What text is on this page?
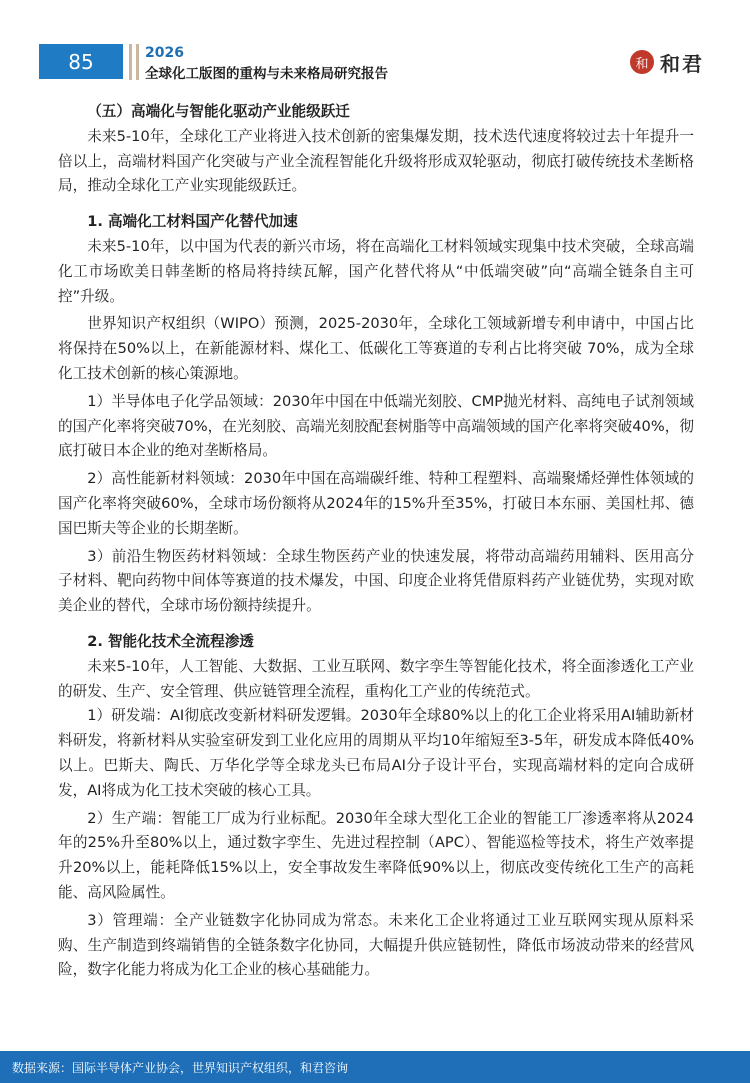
85	2026
全球化工版图的重构与未来格局研究报告
和 和君

（五）高端化与智能化驱动产业能级跃迁

未来5-10年，全球化工产业将进入技术创新的密集爆发期，技术迭代速度将较过去十年提升一倍以上，高端材料国产化突破与产业全流程智能化升级将形成双轮驱动，彻底打破传统技术垄断格局，推动全球化工产业实现能级跃迁。

1. 高端化工材料国产化替代加速

未来5-10年，以中国为代表的新兴市场，将在高端化工材料领域实现集中技术突破，全球高端化工市场欧美日韩垄断的格局将持续瓦解，国产化替代将从“中低端突破”向“高端全链条自主可控”升级。

世界知识产权组织（WIPO）预测，2025-2030年，全球化工领域新增专利申请中，中国占比将保持在50%以上，在新能源材料、煤化工、低碳化工等赛道的专利占比将突破 70%，成为全球化工技术创新的核心策源地。

1）半导体电子化学品领域：2030年中国在中低端光刻胶、CMP抛光材料、高纯电子试剂领域的国产化率将突破70%，在光刻胶、高端光刻胶配套树脂等中高端领域的国产化率将突破40%，彻底打破日本企业的绝对垄断格局。

2）高性能新材料领域：2030年中国在高端碳纤维、特种工程塑料、高端聚烯烃弹性体领域的国产化率将突破60%，全球市场份额将从2024年的15%升至35%，打破日本东丽、美国杜邦、德国巴斯夫等企业的长期垄断。

3）前沿生物医药材料领域：全球生物医药产业的快速发展，将带动高端药用辅料、医用高分子材料、靶向药物中间体等赛道的技术爆发，中国、印度企业将凭借原料药产业链优势，实现对欧美企业的替代，全球市场份额持续提升。

2. 智能化技术全流程渗透

未来5-10年，人工智能、大数据、工业互联网、数字孪生等智能化技术，将全面渗透化工产业的研发、生产、安全管理、供应链管理全流程，重构化工产业的传统范式。

1）研发端：AI彻底改变新材料研发逻辑。2030年全球80%以上的化工企业将采用AI辅助新材料研发，将新材料从实验室研发到工业化应用的周期从平均10年缩短至3-5年，研发成本降低40%以上。巴斯夫、陶氏、万华化学等全球龙头已布局AI分子设计平台，实现高端材料的定向合成研发，AI将成为化工技术突破的核心工具。

2）生产端：智能工厂成为行业标配。2030年全球大型化工企业的智能工厂渗透率将从2024年的25%升至80%以上，通过数字孪生、先进过程控制（APC）、智能巡检等技术，将生产效率提升20%以上，能耗降低15%以上，安全事故发生率降低90%以上，彻底改变传统化工生产的高耗能、高风险属性。

3）管理端：全产业链数字化协同成为常态。未来化工企业将通过工业互联网实现从原料采购、生产制造到终端销售的全链条数字化协同，大幅提升供应链韧性，降低市场波动带来的经营风险，数字化能力将成为化工企业的核心基础能力。

数据来源：国际半导体产业协会，世界知识产权组织，和君咨询
